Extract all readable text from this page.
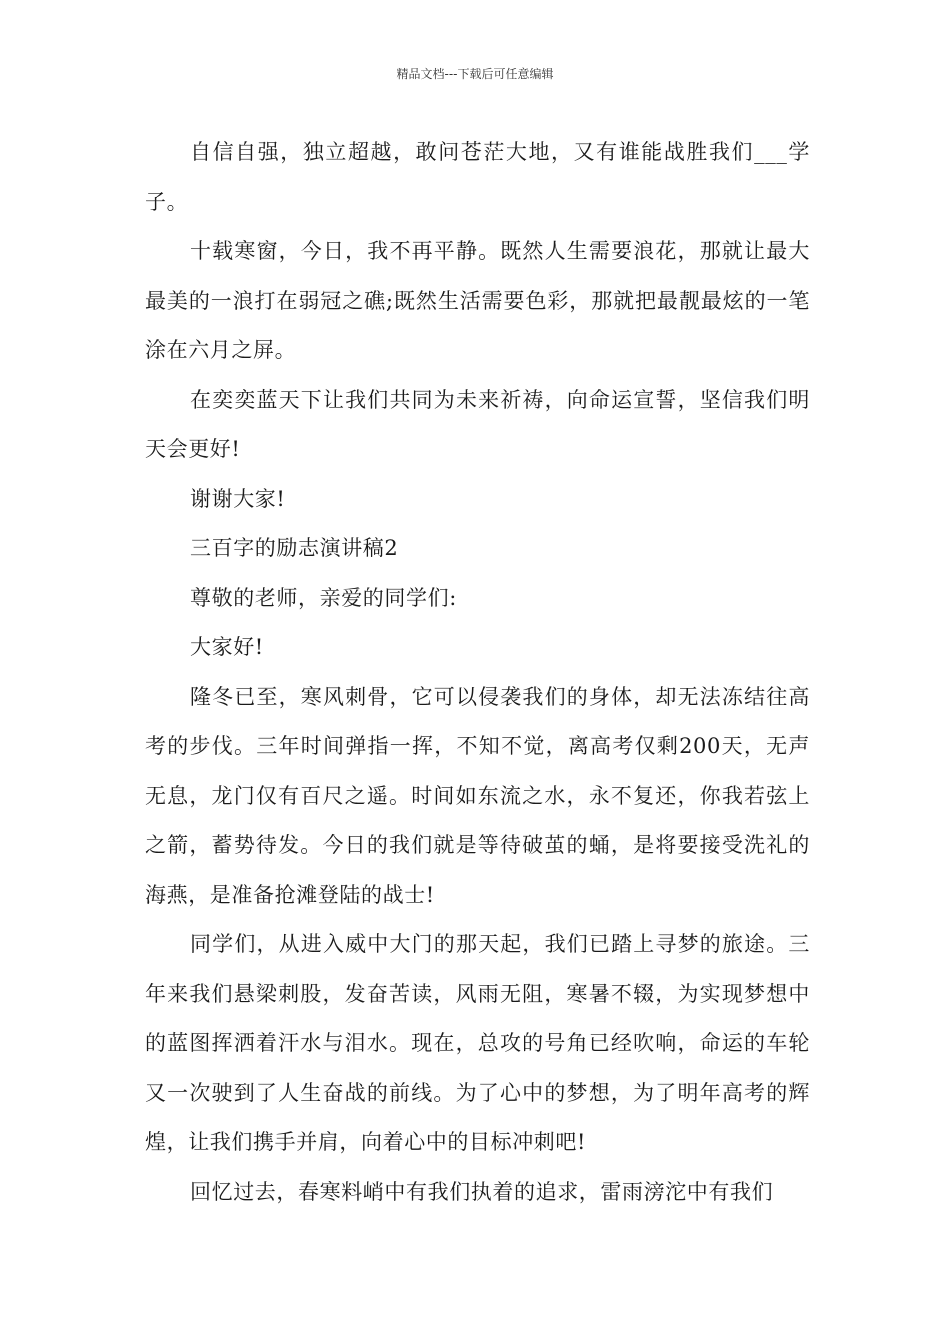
精品文档---下载后可任意编辑

自信自强，独立超越，敢问苍茫大地，又有谁能战胜我们___学子。

十载寒窗，今日，我不再平静。既然人生需要浪花，那就让最大最美的一浪打在弱冠之礁;既然生活需要色彩，那就把最靓最炫的一笔涂在六月之屏。

在奕奕蓝天下让我们共同为未来祈祷，向命运宣誓，坚信我们明天会更好!

谢谢大家!

三百字的励志演讲稿2

尊敬的老师，亲爱的同学们:

大家好!

隆冬已至，寒风刺骨，它可以侵袭我们的身体，却无法冻结往高考的步伐。三年时间弹指一挥，不知不觉，离高考仅剩200天，无声无息，龙门仅有百尺之遥。时间如东流之水，永不复还，你我若弦上之箭，蓄势待发。今日的我们就是等待破茧的蛹，是将要接受洗礼的海燕，是准备抢滩登陆的战士!

同学们，从进入威中大门的那天起，我们已踏上寻梦的旅途。三年来我们悬梁刺股，发奋苦读，风雨无阻，寒暑不辍，为实现梦想中的蓝图挥洒着汗水与泪水。现在，总攻的号角已经吹响，命运的车轮又一次驶到了人生奋战的前线。为了心中的梦想，为了明年高考的辉煌，让我们携手并肩，向着心中的目标冲刺吧!

回忆过去，春寒料峭中有我们执着的追求，雷雨滂沱中有我们
